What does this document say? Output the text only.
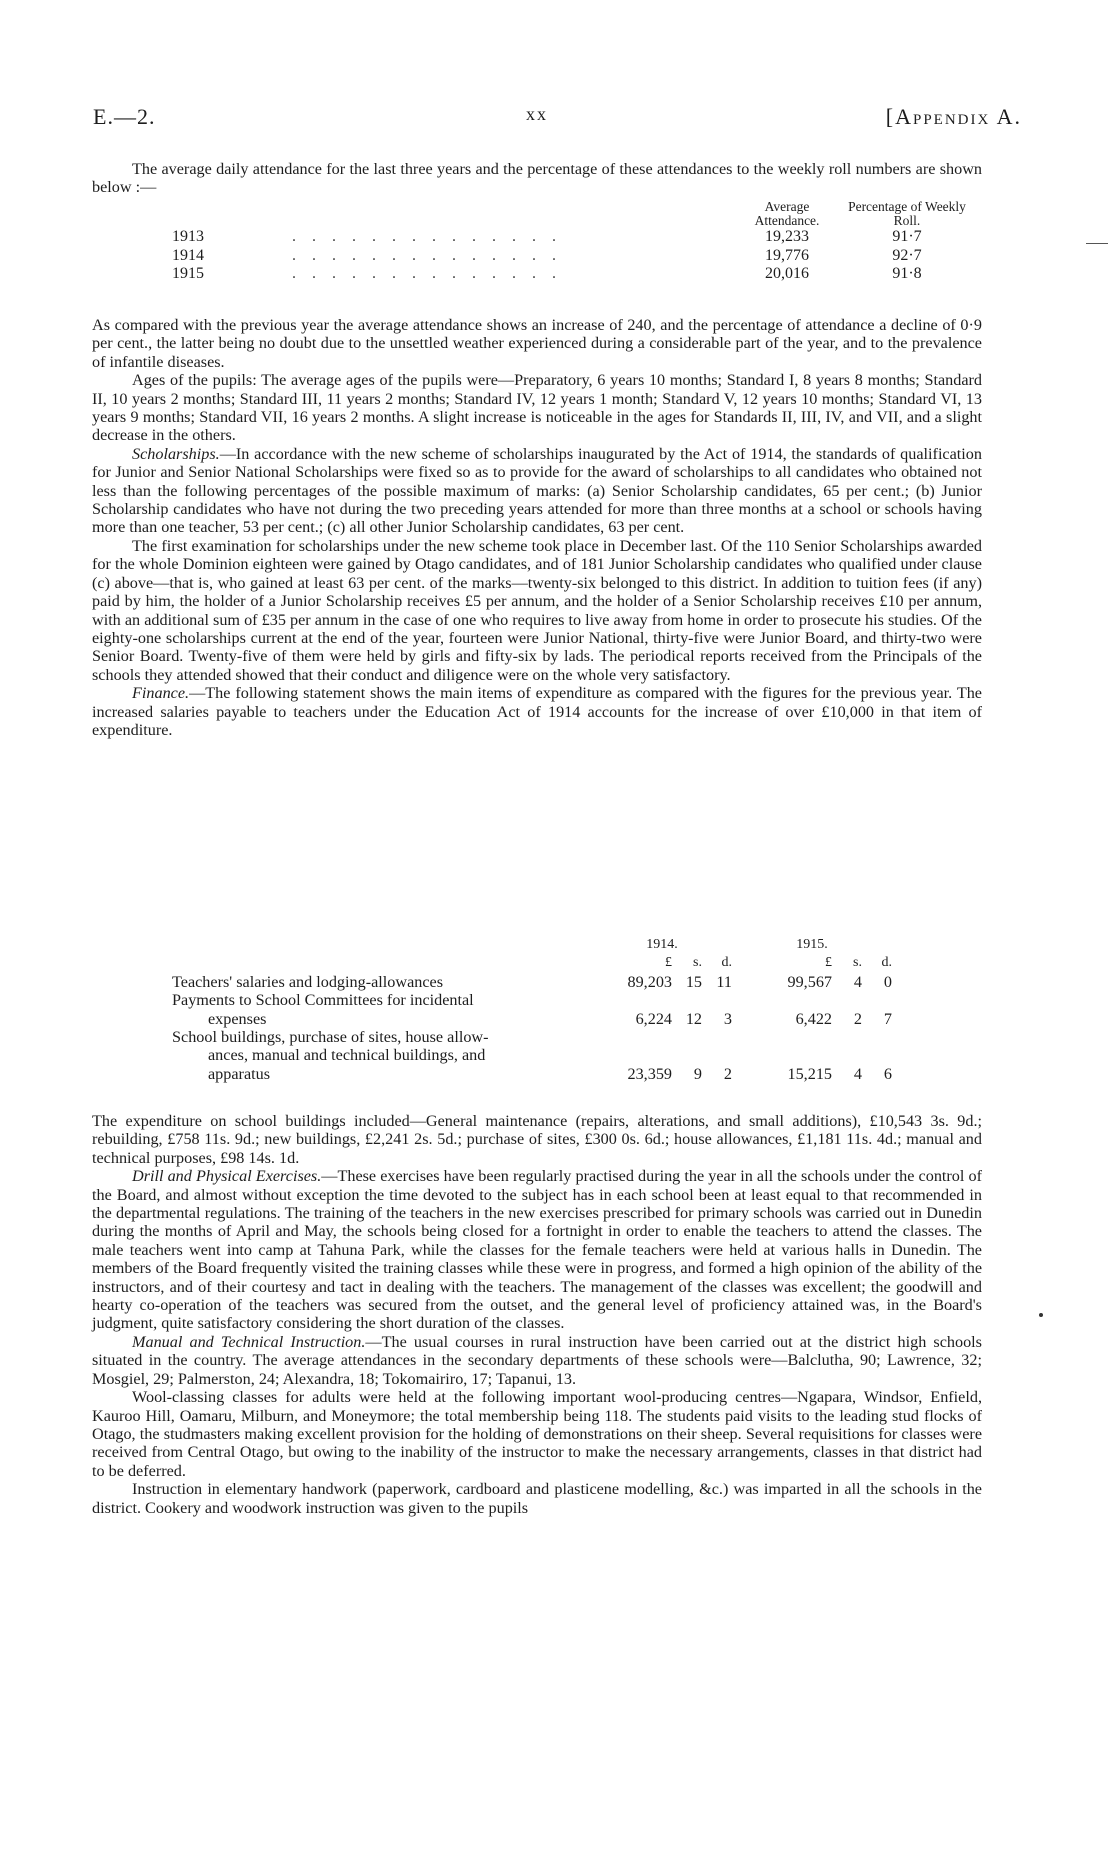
E.—2.	xx	[Appendix A.

The average daily attendance for the last three years and the percentage of these attendances to the weekly roll numbers are shown below :—

		Average Attendance.	Percentage of Weekly Roll.
1913	. . . . . . . . . . . . . .	19,233	91·7
1914	. . . . . . . . . . . . . .	19,776	92·7
1915	. . . . . . . . . . . . . .	20,016	91·8

As compared with the previous year the average attendance shows an increase of 240, and the percentage of attendance a decline of 0·9 per cent., the latter being no doubt due to the unsettled weather experienced during a considerable part of the year, and to the prevalence of infantile diseases.

Ages of the pupils: The average ages of the pupils were—Preparatory, 6 years 10 months; Standard I, 8 years 8 months; Standard II, 10 years 2 months; Standard III, 11 years 2 months; Standard IV, 12 years 1 month; Standard V, 12 years 10 months; Standard VI, 13 years 9 months; Standard VII, 16 years 2 months. A slight increase is noticeable in the ages for Standards II, III, IV, and VII, and a slight decrease in the others.

Scholarships.—In accordance with the new scheme of scholarships inaugurated by the Act of 1914, the standards of qualification for Junior and Senior National Scholarships were fixed so as to provide for the award of scholarships to all candidates who obtained not less than the following percentages of the possible maximum of marks: (a) Senior Scholarship candidates, 65 per cent.; (b) Junior Scholarship candidates who have not during the two preceding years attended for more than three months at a school or schools having more than one teacher, 53 per cent.; (c) all other Junior Scholarship candidates, 63 per cent.

The first examination for scholarships under the new scheme took place in December last. Of the 110 Senior Scholarships awarded for the whole Dominion eighteen were gained by Otago candidates, and of 181 Junior Scholarship candidates who qualified under clause (c) above—that is, who gained at least 63 per cent. of the marks—twenty-six belonged to this district. In addition to tuition fees (if any) paid by him, the holder of a Junior Scholarship receives £5 per annum, and the holder of a Senior Scholarship receives £10 per annum, with an additional sum of £35 per annum in the case of one who requires to live away from home in order to prosecute his studies. Of the eighty-one scholarships current at the end of the year, fourteen were Junior National, thirty-five were Junior Board, and thirty-two were Senior Board. Twenty-five of them were held by girls and fifty-six by lads. The periodical reports received from the Principals of the schools they attended showed that their conduct and diligence were on the whole very satisfactory.

Finance.—The following statement shows the main items of expenditure as compared with the figures for the previous year. The increased salaries payable to teachers under the Education Act of 1914 accounts for the increase of over £10,000 in that item of expenditure.

	1914.			1915.		
	£	s.	d.	£	s.	d.
Teachers' salaries and lodging-allowances	89,203	15	11	99,567	4	0
Payments to School Committees for incidental						
expenses	6,224	12	3	6,422	2	7
School buildings, purchase of sites, house allow-						
ances, manual and technical buildings, and						
apparatus	23,359	9	2	15,215	4	6

The expenditure on school buildings included—General maintenance (repairs, alterations, and small additions), £10,543 3s. 9d.; rebuilding, £758 11s. 9d.; new buildings, £2,241 2s. 5d.; purchase of sites, £300 0s. 6d.; house allowances, £1,181 11s. 4d.; manual and technical purposes, £98 14s. 1d.

Drill and Physical Exercises.—These exercises have been regularly practised during the year in all the schools under the control of the Board, and almost without exception the time devoted to the subject has in each school been at least equal to that recommended in the departmental regulations. The training of the teachers in the new exercises prescribed for primary schools was carried out in Dunedin during the months of April and May, the schools being closed for a fortnight in order to enable the teachers to attend the classes. The male teachers went into camp at Tahuna Park, while the classes for the female teachers were held at various halls in Dunedin. The members of the Board frequently visited the training classes while these were in progress, and formed a high opinion of the ability of the instructors, and of their courtesy and tact in dealing with the teachers. The management of the classes was excellent; the goodwill and hearty co-operation of the teachers was secured from the outset, and the general level of proficiency attained was, in the Board's judgment, quite satisfactory considering the short duration of the classes.

Manual and Technical Instruction.—The usual courses in rural instruction have been carried out at the district high schools situated in the country. The average attendances in the secondary departments of these schools were—Balclutha, 90; Lawrence, 32; Mosgiel, 29; Palmerston, 24; Alexandra, 18; Tokomairiro, 17; Tapanui, 13.

Wool-classing classes for adults were held at the following important wool-producing centres—Ngapara, Windsor, Enfield, Kauroo Hill, Oamaru, Milburn, and Moneymore; the total membership being 118. The students paid visits to the leading stud flocks of Otago, the studmasters making excellent provision for the holding of demonstrations on their sheep. Several requisitions for classes were received from Central Otago, but owing to the inability of the instructor to make the necessary arrangements, classes in that district had to be deferred.

Instruction in elementary handwork (paperwork, cardboard and plasticene modelling, &c.) was imparted in all the schools in the district. Cookery and woodwork instruction was given to the pupils
